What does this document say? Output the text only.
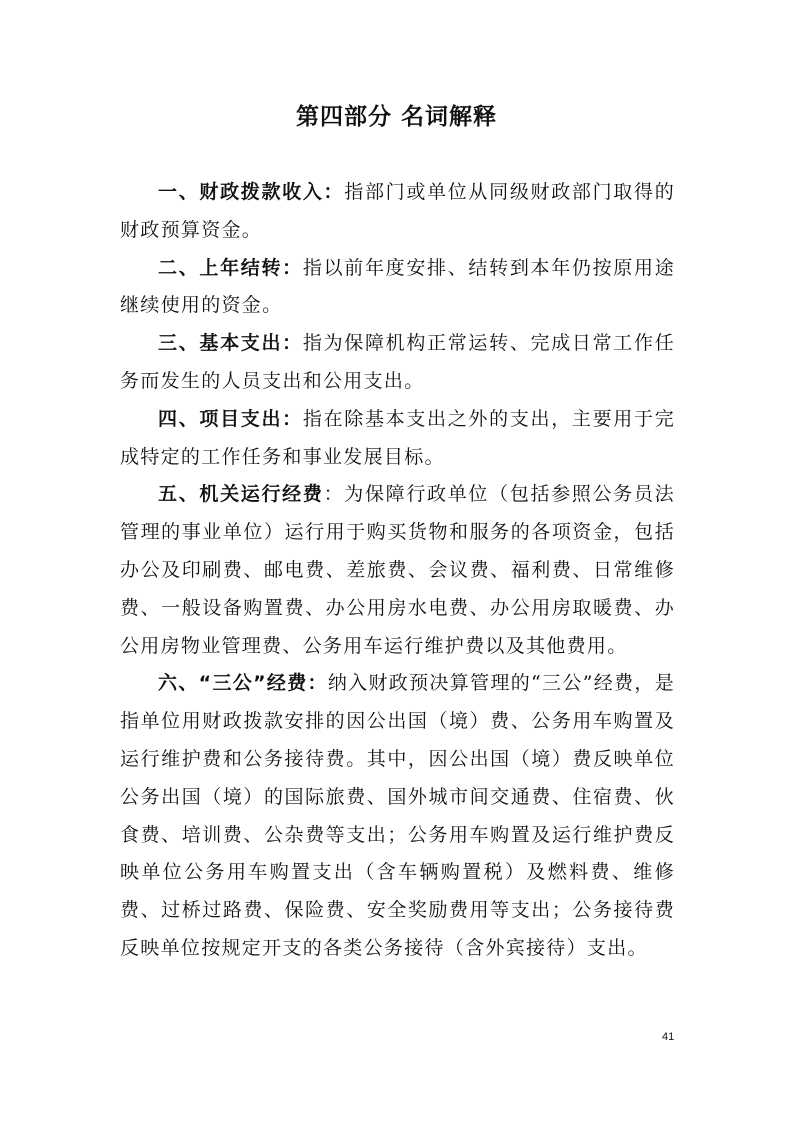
第四部分 名词解释

一、财政拨款收入：指部门或单位从同级财政部门取得的财政预算资金。

二、上年结转：指以前年度安排、结转到本年仍按原用途继续使用的资金。

三、基本支出：指为保障机构正常运转、完成日常工作任务而发生的人员支出和公用支出。

四、项目支出：指在除基本支出之外的支出，主要用于完成特定的工作任务和事业发展目标。

五、机关运行经费：为保障行政单位（包括参照公务员法管理的事业单位）运行用于购买货物和服务的各项资金，包括办公及印刷费、邮电费、差旅费、会议费、福利费、日常维修费、一般设备购置费、办公用房水电费、办公用房取暖费、办公用房物业管理费、公务用车运行维护费以及其他费用。

六、“三公”经费：纳入财政预决算管理的“三公”经费，是指单位用财政拨款安排的因公出国（境）费、公务用车购置及运行维护费和公务接待费。其中，因公出国（境）费反映单位公务出国（境）的国际旅费、国外城市间交通费、住宿费、伙食费、培训费、公杂费等支出；公务用车购置及运行维护费反映单位公务用车购置支出（含车辆购置税）及燃料费、维修费、过桥过路费、保险费、安全奖励费用等支出；公务接待费反映单位按规定开支的各类公务接待（含外宾接待）支出。

41
